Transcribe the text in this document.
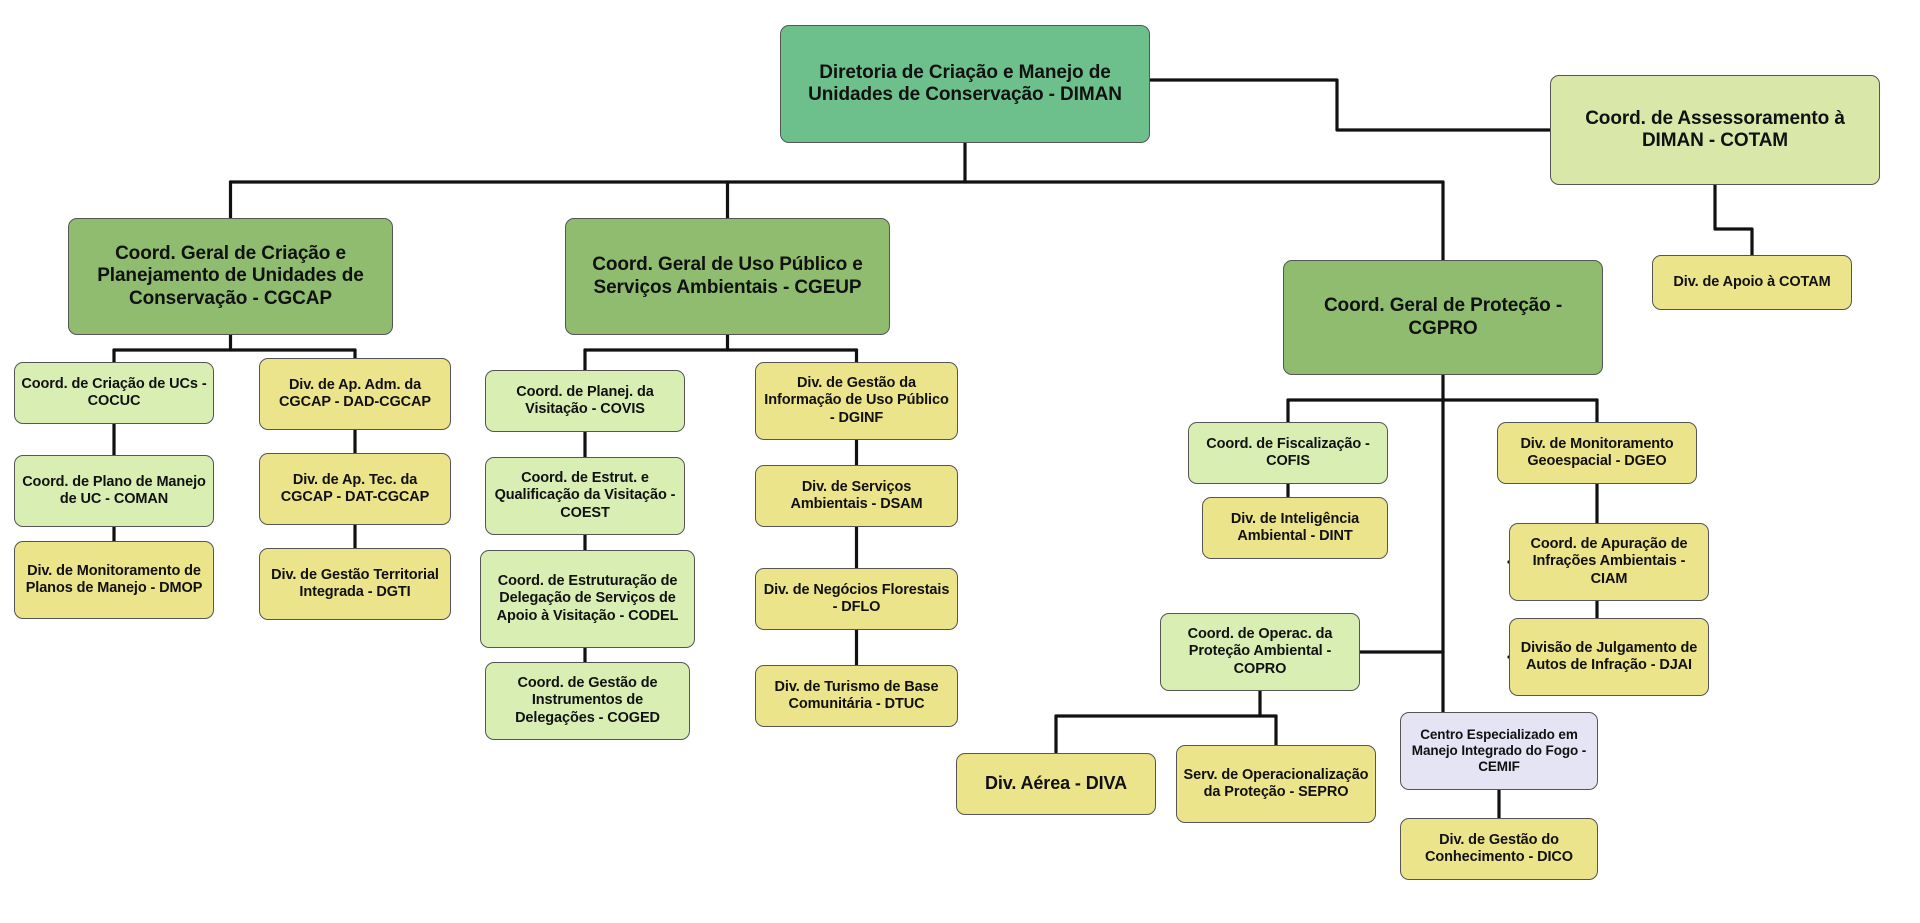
Diretoria de Criação e Manejo de Unidades de Conservação - DIMAN
Coord. de Assessoramento à DIMAN - COTAM
Div. de Apoio à COTAM
Coord. Geral de Criação e Planejamento de Unidades de Conservação - CGCAP
Coord. Geral de Uso Público e Serviços Ambientais - CGEUP
Coord. Geral de Proteção - CGPRO
Coord. de Criação de UCs - COCUC
Coord. de Plano de Manejo de UC - COMAN
Div. de Monitoramento de Planos de Manejo - DMOP
Div. de Ap. Adm. da CGCAP - DAD-CGCAP
Div. de Ap. Tec. da CGCAP - DAT-CGCAP
Div. de Gestão Territorial Integrada - DGTI
Coord. de Planej. da Visitação - COVIS
Coord. de Estrut. e Qualificação da Visitação - COEST
Coord. de Estruturação de Delegação de Serviços de Apoio à Visitação - CODEL
Coord. de Gestão de Instrumentos de Delegações - COGED
Div. de Gestão da Informação de Uso Público - DGINF
Div. de Serviços Ambientais - DSAM
Div. de Negócios Florestais - DFLO
Div. de Turismo de Base Comunitária - DTUC
Coord. de Fiscalização - COFIS
Div. de Inteligência Ambiental - DINT
Coord. de Operac. da Proteção Ambiental - COPRO
Div. Aérea - DIVA	Serv. de Operacionalização da Proteção - SEPRO
Div. de Monitoramento Geoespacial - DGEO
Coord. de Apuração de Infrações Ambientais - CIAM
Divisão de Julgamento de Autos de Infração - DJAI
Centro Especializado em Manejo Integrado do Fogo - CEMIF
Div. de Gestão do Conhecimento - DICO
